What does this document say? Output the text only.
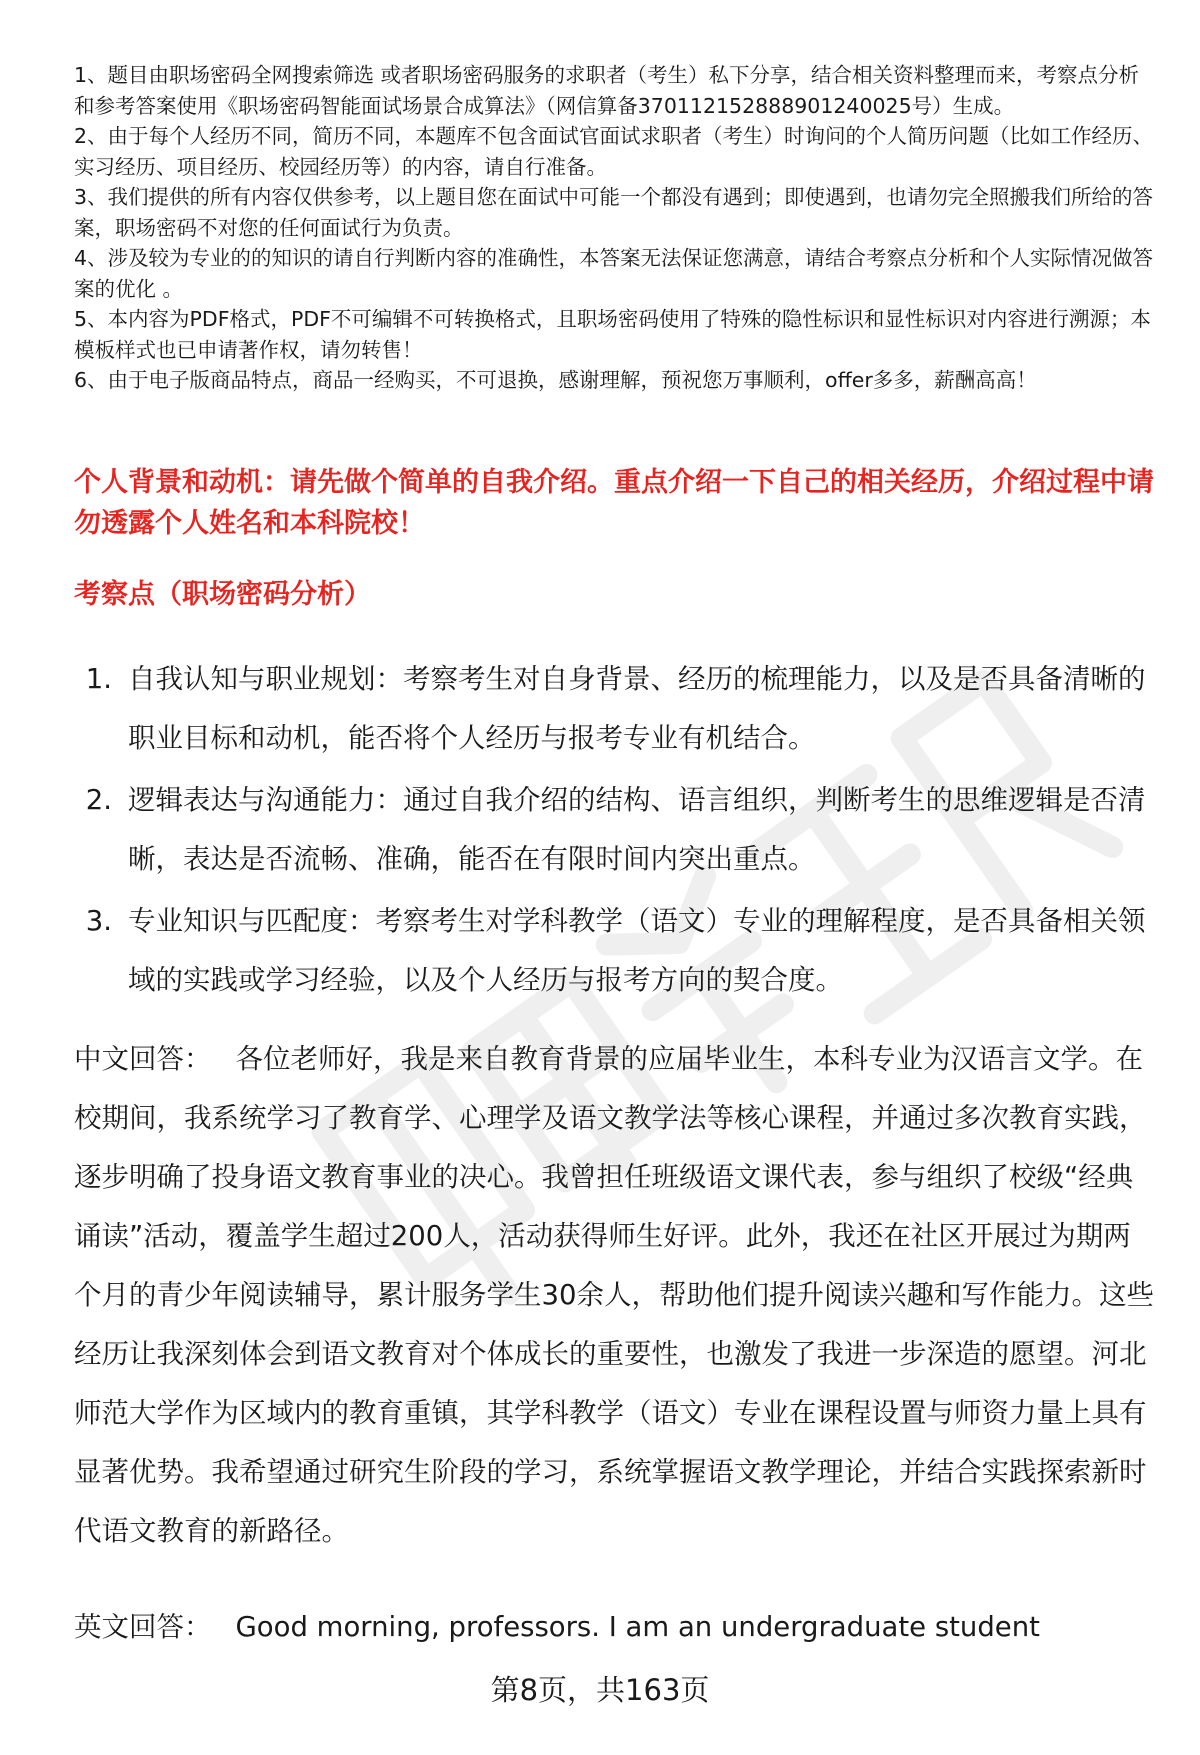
1、题目由职场密码全网搜索筛选 或者职场密码服务的求职者（考生）私下分享，结合相关资料整理而来，考察点分析和参考答案使用《职场密码智能面试场景合成算法》（网信算备370112152888901240025号）生成。

2、由于每个人经历不同，简历不同，本题库不包含面试官面试求职者（考生）时询问的个人简历问题（比如工作经历、实习经历、项目经历、校园经历等）的内容，请自行准备。

3、我们提供的所有内容仅供参考，以上题目您在面试中可能一个都没有遇到；即使遇到，也请勿完全照搬我们所给的答案，职场密码不对您的任何面试行为负责。

4、涉及较为专业的的知识的请自行判断内容的准确性，本答案无法保证您满意，请结合考察点分析和个人实际情况做答案的优化 。

5、本内容为PDF格式，PDF不可编辑不可转换格式，且职场密码使用了特殊的隐性标识和显性标识对内容进行溯源；本模板样式也已申请著作权，请勿转售！

6、由于电子版商品特点，商品一经购买，不可退换，感谢理解，预祝您万事顺利，offer多多，薪酬高高！

个人背景和动机：请先做个简单的自我介绍。重点介绍一下自己的相关经历，介绍过程中请勿透露个人姓名和本科院校！

考察点（职场密码分析）

1. 自我认知与职业规划：考察考生对自身背景、经历的梳理能力，以及是否具备清晰的职业目标和动机，能否将个人经历与报考专业有机结合。
2. 逻辑表达与沟通能力：通过自我介绍的结构、语言组织，判断考生的思维逻辑是否清晰，表达是否流畅、准确，能否在有限时间内突出重点。
3. 专业知识与匹配度：考察考生对学科教学（语文）专业的理解程度，是否具备相关领域的实践或学习经验，以及个人经历与报考方向的契合度。

中文回答： 各位老师好，我是来自教育背景的应届毕业生，本科专业为汉语言文学。在校期间，我系统学习了教育学、心理学及语文教学法等核心课程，并通过多次教育实践，逐步明确了投身语文教育事业的决心。我曾担任班级语文课代表，参与组织了校级“经典诵读”活动，覆盖学生超过200人，活动获得师生好评。此外，我还在社区开展过为期两个月的青少年阅读辅导，累计服务学生30余人，帮助他们提升阅读兴趣和写作能力。这些经历让我深刻体会到语文教育对个体成长的重要性，也激发了我进一步深造的愿望。河北师范大学作为区域内的教育重镇，其学科教学（语文）专业在课程设置与师资力量上具有显著优势。我希望通过研究生阶段的学习，系统掌握语文教学理论，并结合实践探索新时代语文教育的新路径。

英文回答： Good morning, professors. I am an undergraduate student

第8页，共163页
